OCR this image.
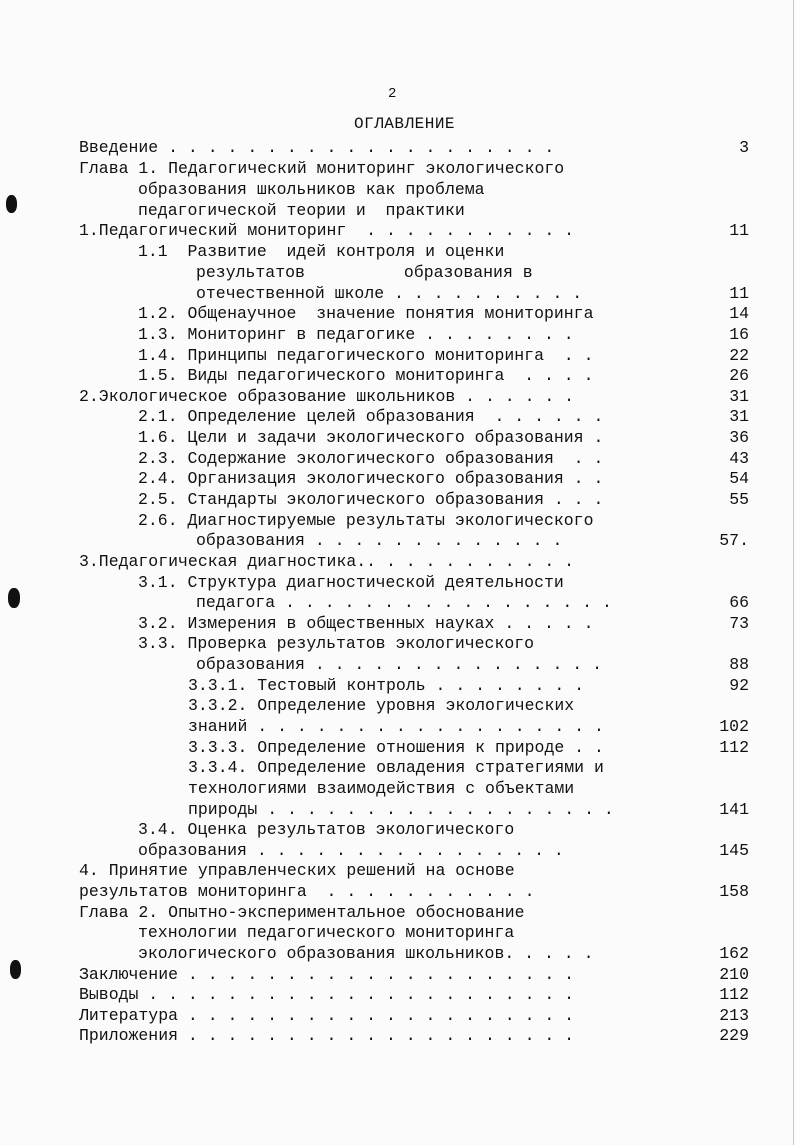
2
ОГЛАВЛЕНИЕ
Введение . . . . . . . . . . . . . . . . . . . .	3
Глава 1. Педагогический мониторинг экологического
образования школьников как проблема
педагогической теории и  практики
1.Педагогический мониторинг  . . . . . . . . . . .	11
1.1  Развитие  идей контроля и оценки
результатов          образования в
отечественной школе . . . . . . . . . .	11
1.2. Общенаучное  значение понятия мониторинга	14
1.3. Мониторинг в педагогике . . . . . . . .	16
1.4. Принципы педагогического мониторинга  . .	22
1.5. Виды педагогического мониторинга  . . . .	26
2.Экологическое образование школьников . . . . . .	31
2.1. Определение целей образования  . . . . . .	31
1.6. Цели и задачи экологического образования .	36
2.3. Содержание экологического образования  . .	43
2.4. Организация экологического образования . .	54
2.5. Стандарты экологического образования . . .	55
2.6. Диагностируемые результаты экологического
образования . . . . . . . . . . . . .	57.
3.Педагогическая диагностика.. . . . . . . . . . .
3.1. Структура диагностической деятельности
педагога . . . . . . . . . . . . . . . . .	66
3.2. Измерения в общественных науках . . . . .	73
3.3. Проверка результатов экологического
образования . . . . . . . . . . . . . . .	88
3.3.1. Тестовый контроль . . . . . . . .	92
3.3.2. Определение уровня экологических
знаний . . . . . . . . . . . . . . . . . .	102
3.3.3. Определение отношения к природе . .	112
3.3.4. Определение овладения стратегиями и
технологиями взаимодействия с объектами
природы . . . . . . . . . . . . . . . . . .	141
3.4. Оценка результатов экологического
образования . . . . . . . . . . . . . . . .	145
4. Принятие управленческих решений на основе
результатов мониторинга  . . . . . . . . . . .	158
Глава 2. Опытно-экспериментальное обоснование
технологии педагогического мониторинга
экологического образования школьников. . . . .	162
Заключение . . . . . . . . . . . . . . . . . . . .	210
Выводы . . . . . . . . . . . . . . . . . . . . . .	112
Литература . . . . . . . . . . . . . . . . . . . .	213
Приложения . . . . . . . . . . . . . . . . . . . .	229
